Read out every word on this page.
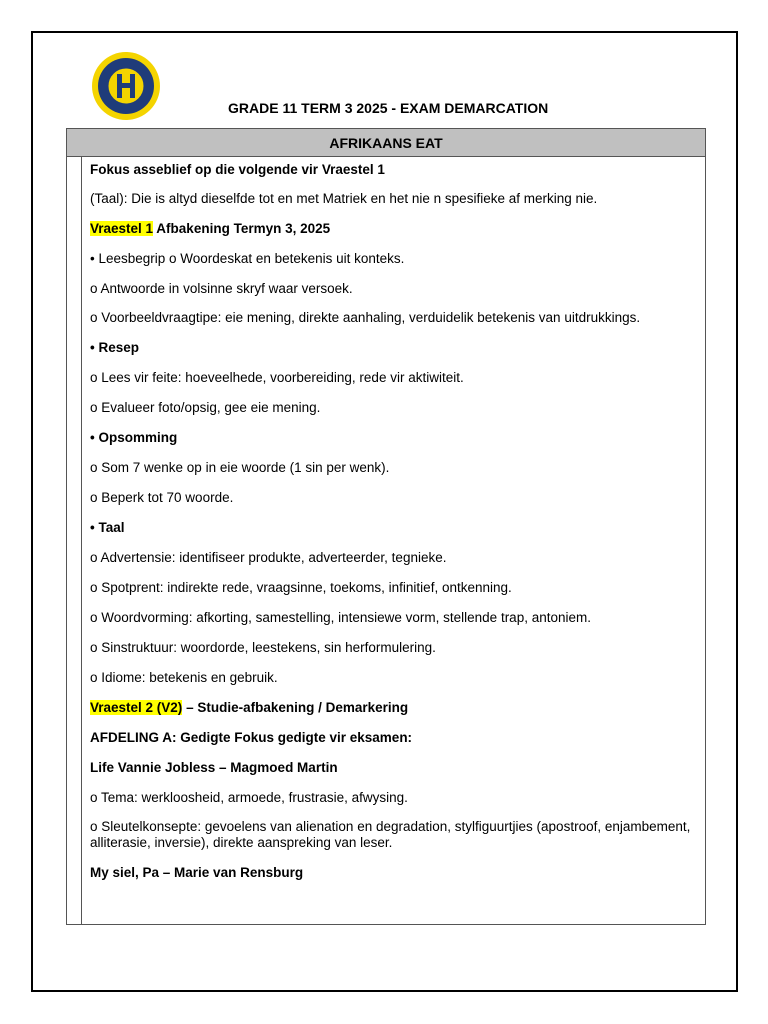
GRADE 11 TERM 3 2025 - EXAM DEMARCATION
AFRIKAANS EAT

Fokus asseblief op die volgende vir Vraestel 1

(Taal): Die is altyd dieselfde tot en met Matriek en het nie n spesifieke af merking nie.

Vraestel 1 Afbakening Termyn 3, 2025

• Leesbegrip o Woordeskat en betekenis uit konteks.

o Antwoorde in volsinne skryf waar versoek.

o Voorbeeldvraagtipe: eie mening, direkte aanhaling, verduidelik betekenis van uitdrukkings.

• Resep

o Lees vir feite: hoeveelhede, voorbereiding, rede vir aktiwiteit.

o Evalueer foto/opsig, gee eie mening.

• Opsomming

o Som 7 wenke op in eie woorde (1 sin per wenk).

o Beperk tot 70 woorde.

• Taal

o Advertensie: identifiseer produkte, adverteerder, tegnieke.

o Spotprent: indirekte rede, vraagsinne, toekoms, infinitief, ontkenning.

o Woordvorming: afkorting, samestelling, intensiewe vorm, stellende trap, antoniem.

o Sinstruktuur: woordorde, leestekens, sin herformulering.

o Idiome: betekenis en gebruik.

Vraestel 2 (V2) – Studie-afbakening / Demarkering

AFDELING A: Gedigte Fokus gedigte vir eksamen:

Life Vannie Jobless – Magmoed Martin

o Tema: werkloosheid, armoede, frustrasie, afwysing.

o Sleutelkonsepte: gevoelens van alienation en degradation, stylfiguurtjies (apostroof, enjambement, alliterasie, inversie), direkte aanspreking van leser.

My siel, Pa – Marie van Rensburg
